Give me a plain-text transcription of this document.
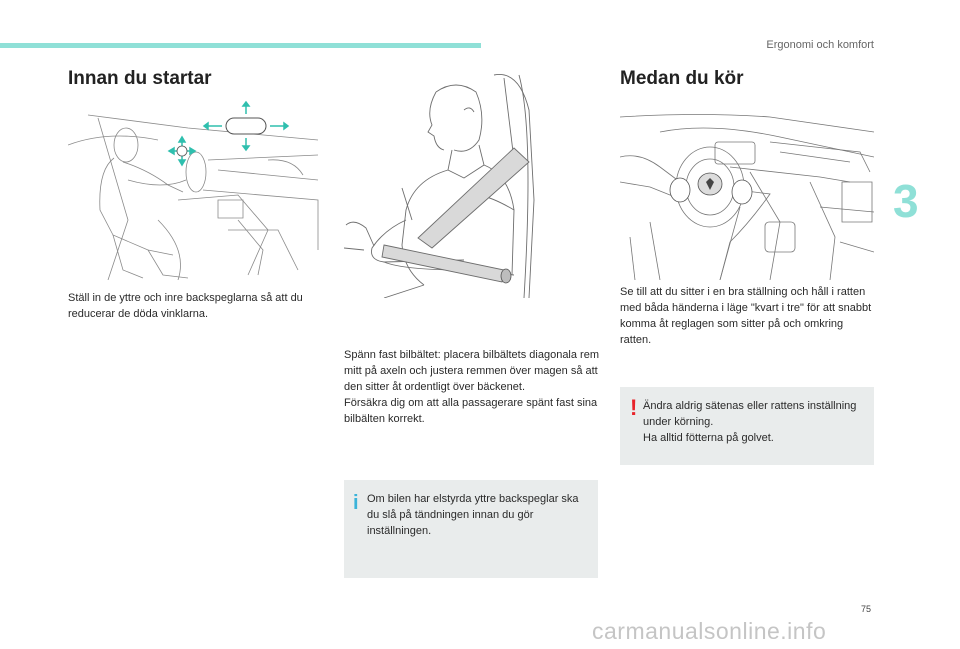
Ergonomi och komfort
3
Innan du startar
Ställ in de yttre och inre backspeglarna så att du reducerar de döda vinklarna.
Spänn fast bilbältet: placera bilbältets diagonala rem mitt på axeln och justera remmen över magen så att den sitter åt ordentligt över bäckenet.
Försäkra dig om att alla passagerare spänt fast sina bilbälten korrekt.
i Om bilen har elstyrda yttre backspeglar ska du slå på tändningen innan du gör inställningen.
Medan du kör
Se till att du sitter i en bra ställning och håll i ratten med båda händerna i läge "kvart i tre" för att snabbt komma åt reglagen som sitter på och omkring ratten.
! Ändra aldrig sätenas eller rattens inställning under körning.
Ha alltid fötterna på golvet.
75
carmanualsonline.info
